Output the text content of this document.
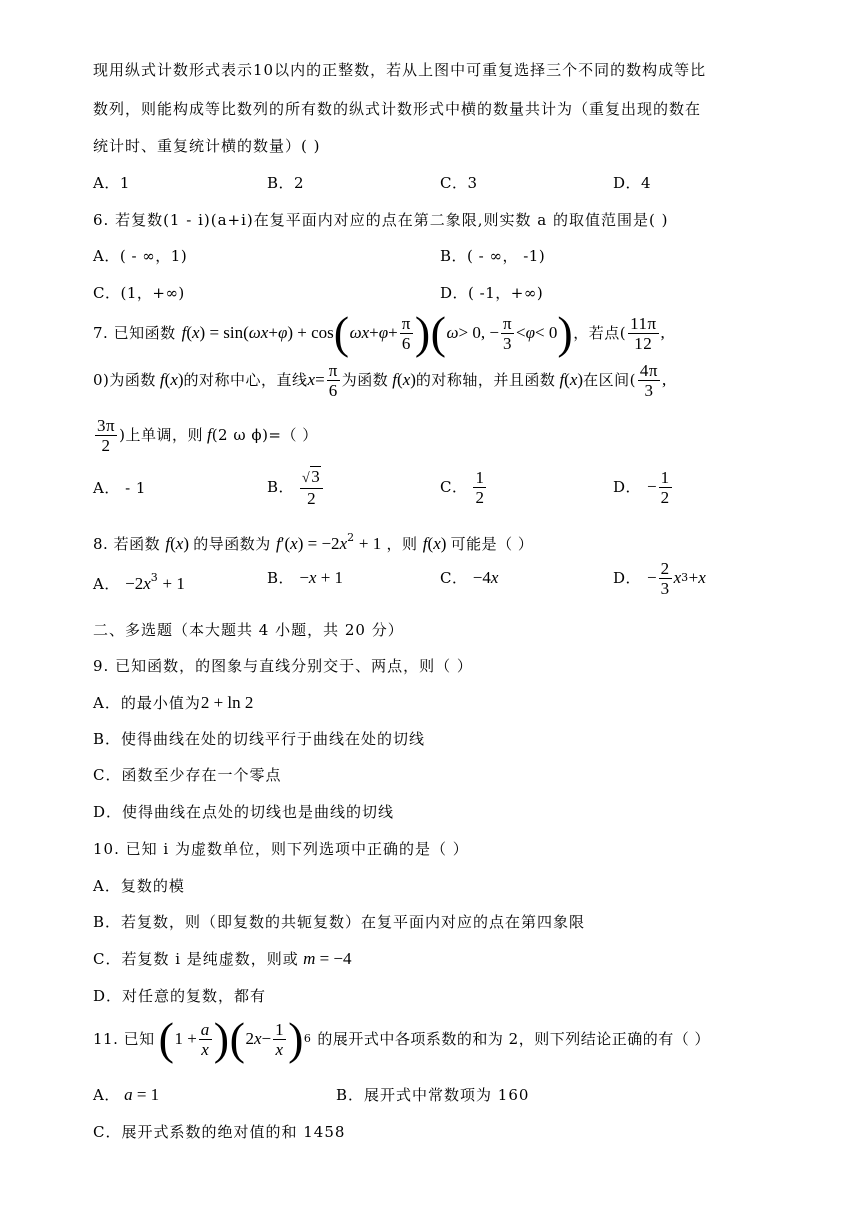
现用纵式计数形式表示10以内的正整数，若从上图中可重复选择三个不同的数构成等比
数列，则能构成等比数列的所有数的纵式计数形式中横的数量共计为（重复出现的数在
统计时、重复统计横的数量）( )
A．1	B．2	C．3	D．4
6. 若复数(1 - i)(a+i)在复平面内对应的点在第二象限,则实数 a 的取值范围是( )
A．( - ∞，1)	B．( - ∞， -1)
C．(1，+∞)	D．( -1，+∞)
7. 已知函数 f ( x ) = sin( ωx + φ ) + cos ( $\omega x + \varphi + \frac{\pi}{6}$ )( ω > 0, − $\frac{\pi}{3} < \varphi < 0$ ) ，若点( $\frac{11\pi}{12}$ ,
0)为函数 f ( x ) 的对称中心，直线 $x = \frac{\pi}{6}$ 为函数 f ( x ) 的对称轴，并且函数 f ( x ) 在区间( $\frac{4\pi}{3}$ ,
$\frac{3\pi}{2}$ )上单调，则 f (2 ω ϕ)=（ ）
A． - 1	B． $\frac{√3}{2}$	C． $\frac{1}{2}$	D． − $\frac{1}{2}$
8. 若函数 f(x) 的导函数为 $f'(x) = -2x^2 + 1$ ，则 f(x) 可能是（ ）
A． $-2x^3 + 1$	B． −x + 1	C． −4x	D． − $\frac{2}{3}$ x 3 + x
二、多选题（本大题共 4 小题，共 20 分）
9. 已知函数，的图象与直线分别交于、两点，则（ ）
A．的最小值为2 + ln 2
B．使得曲线在处的切线平行于曲线在处的切线
C．函数至少存在一个零点
D．使得曲线在点处的切线也是曲线的切线
10. 已知 i 为虚数单位，则下列选项中正确的是（ ）
A．复数的模
B．若复数，则（即复数的共轭复数）在复平面内对应的点在第四象限
C．若复数 i 是纯虚数，则或 m = −4
D．对任意的复数，都有
11. 已知 ( $1 + \frac{a}{x}$ )( 2 $x - \frac{1}{x}$ ) 6 的展开式中各项系数的和为 2，则下列结论正确的有（ ）
A． a = 1	B．展开式中常数项为 160
C．展开式系数的绝对值的和 1458
